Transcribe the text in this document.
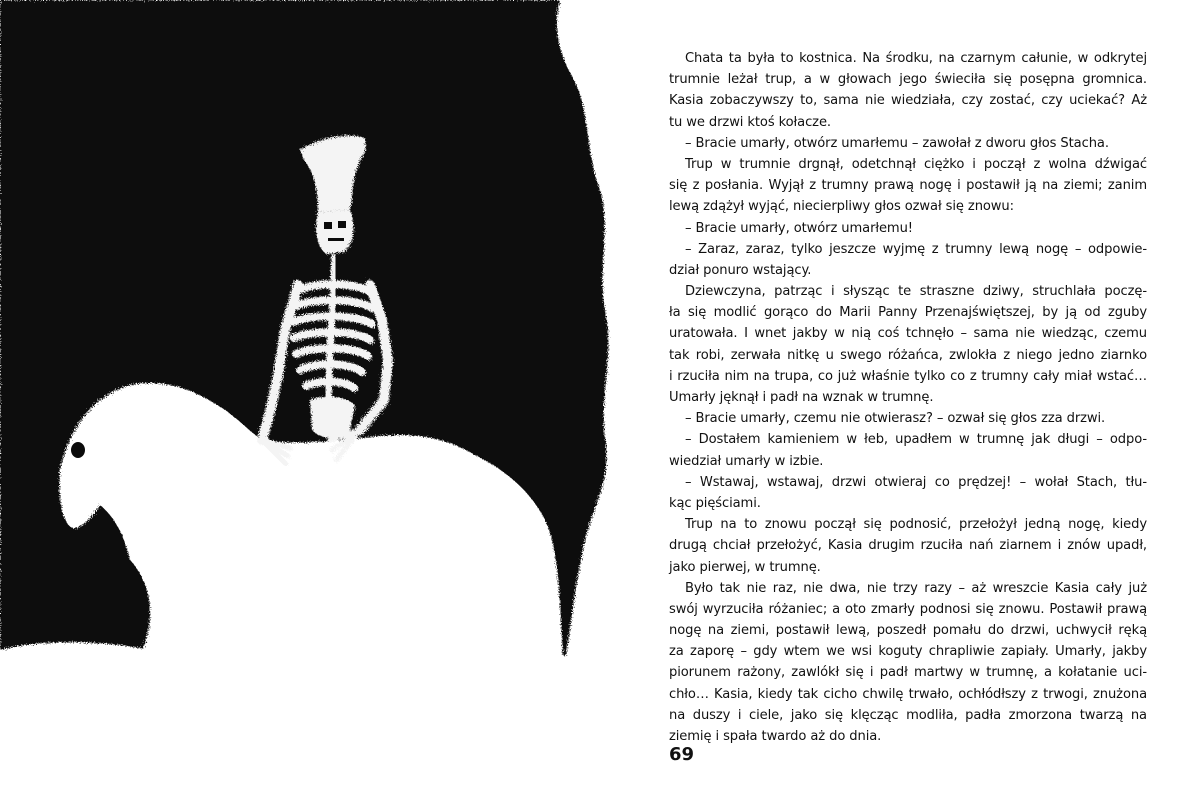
Chata ta była to kostnica. Na środku, na czarnym całunie, w odkrytej
trumnie leżał trup, a w głowach jego świeciła się posępna gromnica.
Kasia zobaczywszy to, sama nie wiedziała, czy zostać, czy uciekać? Aż
tu we drzwi ktoś kołacze.
– Bracie umarły, otwórz umarłemu – zawołał z dworu głos Stacha.
Trup w trumnie drgnął, odetchnął ciężko i począł z wolna dźwigać
się z posłania. Wyjął z trumny prawą nogę i postawił ją na ziemi; zanim
lewą zdążył wyjąć, niecierpliwy głos ozwał się znowu:
– Bracie umarły, otwórz umarłemu!
– Zaraz, zaraz, tylko jeszcze wyjmę z trumny lewą nogę – odpowie-
dział ponuro wstający.
Dziewczyna, patrząc i słysząc te straszne dziwy, struchlała poczę-
ła się modlić gorąco do Marii Panny Przenajświętszej, by ją od zguby
uratowała. I wnet jakby w nią coś tchnęło – sama nie wiedząc, czemu
tak robi, zerwała nitkę u swego różańca, zwlokła z niego jedno ziarnko
i rzuciła nim na trupa, co już właśnie tylko co z trumny cały miał wstać…
Umarły jęknął i padł na wznak w trumnę.
– Bracie umarły, czemu nie otwierasz? – ozwał się głos zza drzwi.
– Dostałem kamieniem w łeb, upadłem w trumnę jak długi – odpo-
wiedział umarły w izbie.
– Wstawaj, wstawaj, drzwi otwieraj co prędzej! – wołał Stach, tłu-
kąc pięściami.
Trup na to znowu począł się podnosić, przełożył jedną nogę, kiedy
drugą chciał przełożyć, Kasia drugim rzuciła nań ziarnem i znów upadł,
jako pierwej, w trumnę.
Było tak nie raz, nie dwa, nie trzy razy – aż wreszcie Kasia cały już
swój wyrzuciła różaniec; a oto zmarły podnosi się znowu. Postawił prawą
nogę na ziemi, postawił lewą, poszedł pomału do drzwi, uchwycił ręką
za zaporę – gdy wtem we wsi koguty chrapliwie zapiały. Umarły, jakby
piorunem rażony, zawlókł się i padł martwy w trumnę, a kołatanie uci-
chło… Kasia, kiedy tak cicho chwilę trwało, ochłódłszy z trwogi, znużona
na duszy i ciele, jako się klęcząc modliła, padła zmorzona twarzą na
ziemię i spała twardo aż do dnia.
69
